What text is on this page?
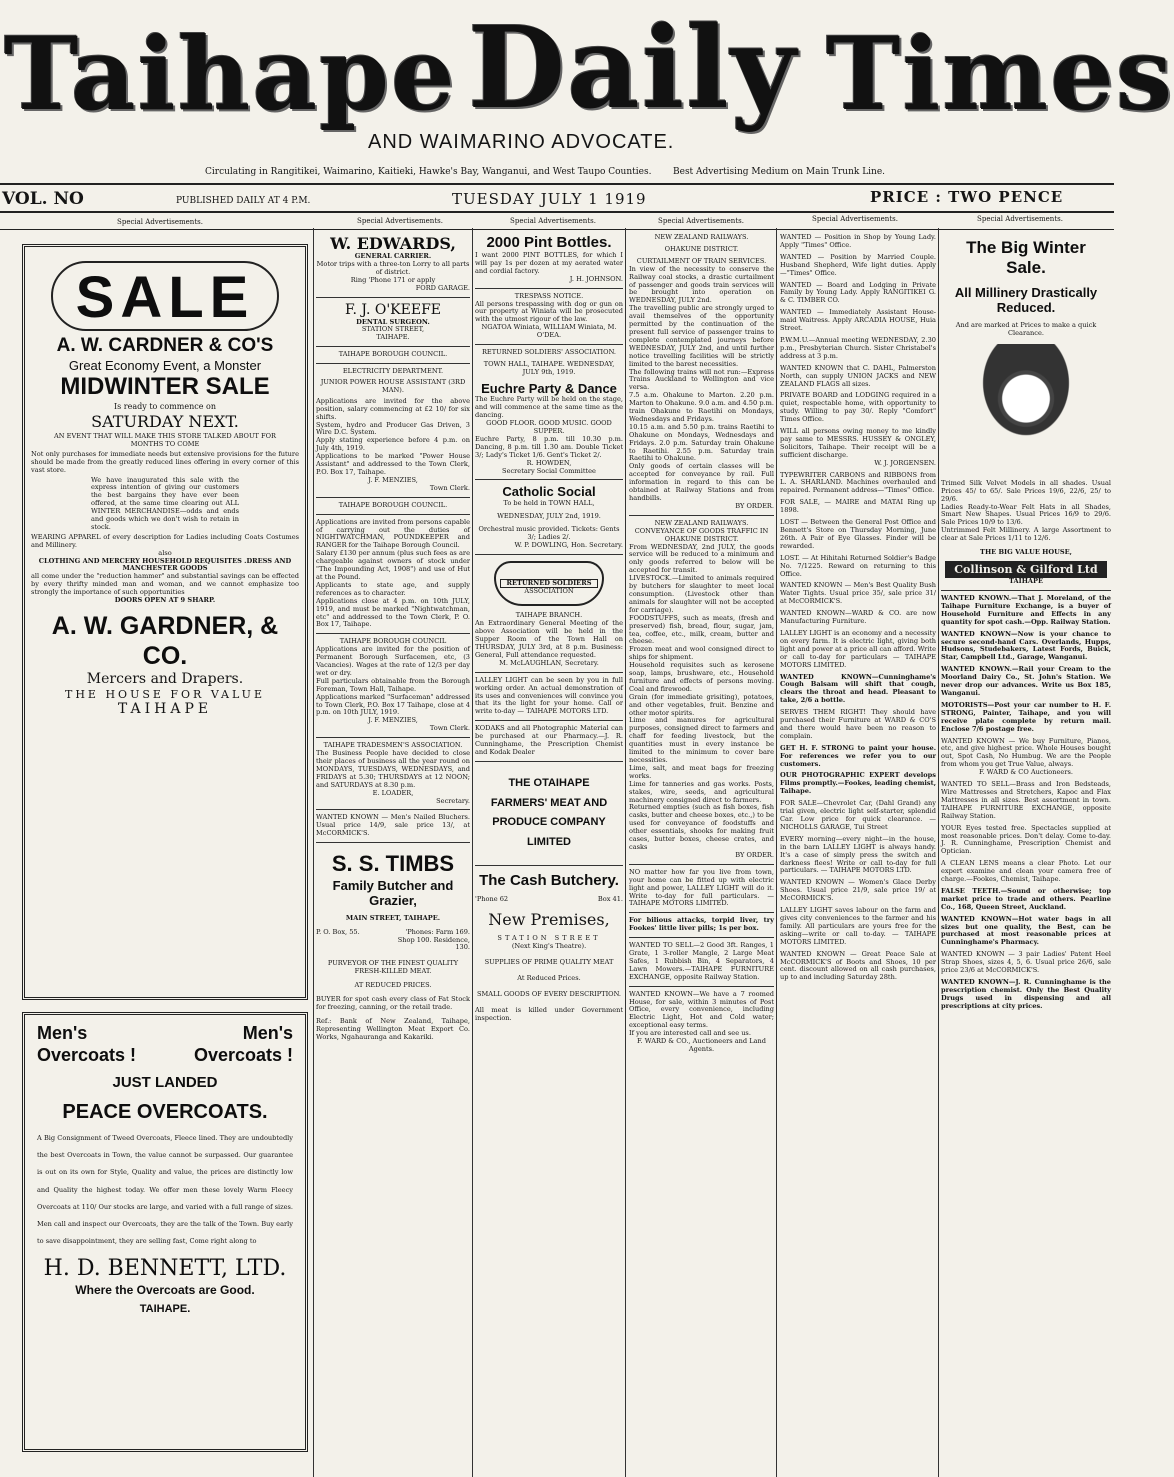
Taihape Daily Times
AND WAIMARINO ADVOCATE.
Circulating in Rangitikei, Waimarino, Kaitieki, Hawke's Bay, Wanganui, and West Taupo Counties. Best Advertising Medium on Main Trunk Line.
VOL. NO	PUBLISHED DAILY AT 4 P.M.	TUESDAY JULY 1 1919	PRICE : TWO PENCE
Special Advertisements.	Special Advertisements.	Special Advertisements.	Special Advertisements.	Special Advertisements.	Special Advertisements.
SALE
A. W. CARDNER & CO'S
Great Economy Event, a Monster
MIDWINTER SALE
Is ready to commence on
SATURDAY NEXT.
AN EVENT THAT WILL MAKE THIS STORE TALKED ABOUT FOR MONTHS TO COME
Not only purchases for immediate needs but extensive provisions for the future should be made from the greatly reduced lines offering in every corner of this vast store.
We have inaugurated this sale with the express intention of giving our customers the best bargains they have ever been offered, at the same time clearing out ALL WINTER MERCHANDISE—odds and ends and goods which we don't wish to retain in stock.
WEARING APPAREL of every description for Ladies including Coats Costumes and Millinery.
also
CLOTHING AND MERCERY HOUSEHOLD REQUISITES .DRESS AND MANCHESTER GOODS
all come under the "reduction hammer" and substantial savings can be effected by every thrifty minded man and woman, and we cannot emphasize too strongly the importance of such opportunities
DOORS OPEN AT 9 SHARP.
A. W. GARDNER, & CO.
Mercers and Drapers.
THE HOUSE FOR VALUE
TAIHAPE
Men's	Men's
Overcoats !	Overcoats !
JUST LANDED
PEACE OVERCOATS.
A Big Consignment of Tweed Overcoats, Fleece lined. They are undoubtedly the best Overcoats in Town, the value cannot be surpassed. Our guarantee is out on its own for Style, Quality and value, the prices are distinctly low and Quality the highest today. We offer men these lovely Warm Fleecy Overcoats at 110/ Our stocks are large, and varied with a full range of sizes. Men call and inspect our Overcoats, they are the talk of the Town. Buy early to save disappointment, they are selling fast, Come right along to
H. D. BENNETT, LTD.
Where the Overcoats are Good.
TAIHAPE.
W. EDWARDS,
GENERAL CARRIER.
Motor trips with a three-ton Lorry to all parts of district.
Ring 'Phone 171 or apply
FORD GARAGE.
F. J. O'KEEFE
DENTAL SURGEON.
STATION STREET,
TAIHAPE.
TAIHAPE BOROUGH COUNCIL.
ELECTRICITY DEPARTMENT.
JUNIOR POWER HOUSE ASSISTANT (3RD MAN).
Applications are invited for the above position, salary commencing at £2 10/ for six shifts.
System, hydro and Producer Gas Driven, 3 Wire D.C. System.
Apply stating experience before 4 p.m. on July 4th, 1919.
Applications to be marked "Power House Assistant" and addressed to the Town Clerk, P.O. Box 17, Taihape.
J. F. MENZIES,
Town Clerk.
TAIHAPE BOROUGH COUNCIL.
Applications are invited from persons capable of carrying out the duties of NIGHTWATCHMAN, POUNDKEEPER and RANGER for the Taihape Borough Council.
Salary £130 per annum (plus such fees as are chargeable against owners of stock under "The Impounding Act, 1908") and use of Hut at the Pound.
Applicants to state age, and supply references as to character.
Applications close at 4 p.m. on 10th JULY, 1919, and must be marked "Nightwatchman, etc" and addressed to the Town Clerk, P. O. Box 17, Taihape.
TAIHAPE BOROUGH COUNCIL
Applications are invited for the position of Permanent Borough Surfacemen, etc, (3 Vacancies). Wages at the rate of 12/3 per day wet or dry.
Full particulars obtainable from the Borough Foreman, Town Hall, Taihape.
Applications marked "Surfaceman" addressed to Town Clerk, P.O. Box 17 Taihape, close at 4 p.m. on 10th JULY, 1919.
J. F. MENZIES,
Town Clerk.
TAIHAPE TRADESMEN'S ASSOCIATION.
The Business People have decided to close their places of business all the year round on MONDAYS, TUESDAYS, WEDNESDAYS, and FRIDAYS at 5.30; THURSDAYS at 12 NOON; and SATURDAYS at 8.30 p.m.
E. LOADER,
Secretary.
WANTED KNOWN — Men's Nailed Bluchers. Usual price 14/9, sale price 13/, at McCORMICK'S.
S. S. TIMBS
Family Butcher and Grazier,
MAIN STREET, TAIHAPE.
P. O. Box, 55.	'Phones: Farm 169. Shop 100. Residence, 130.
PURVEYOR OF THE FINEST QUALITY FRESH-KILLED MEAT.
AT REDUCED PRICES.
BUYER for spot cash every class of Fat Stock for freezing, canning, or the retail trade.
Ref.: Bank of New Zealand, Taihape, Representing Wellington Meat Export Co. Works, Ngahauranga and Kakariki.
2000 Pint Bottles.
I want 2000 PINT BOTTLES, for which I will pay 1s per dozen at my aerated water and cordial factory.
J. H. JOHNSON.
TRESPASS NOTICE.
All persons trespassing with dog or gun on our property at Winiata will be prosecuted with the utmost rigour of the law.
NGATOA Winiata, WILLIAM Winiata, M. O'DEA.
RETURNED SOLDIERS' ASSOCIATION.
TOWN HALL, TAIHAPE. WEDNESDAY, JULY 9th, 1919.
Euchre Party & Dance
The Euchre Party will be held on the stage, and will commence at the same time as the dancing.
GOOD FLOOR. GOOD MUSIC. GOOD SUPPER.
Euchre Party, 8 p.m. till 10.30 p.m. Dancing, 8 p.m. till 1.30 am. Double Ticket 3/; Lady's Ticket 1/6. Gent's Ticket 2/.
R. HOWDEN,
Secretary Social Committee
Catholic Social
To be held in TOWN HALL,
WEDNESDAY, JULY 2nd, 1919.
Orchestral music provided. Tickets: Gents 3/; Ladies 2/.
W. P. DOWLING, Hon. Secretary.
RETURNED SOLDIERS
ASSOCIATION
TAIHAPE BRANCH.
An Extraordinary General Meeting of the above Association will be held in the Supper Room of the Town Hall on THURSDAY, JULY 3rd, at 8 p.m. Business: General, Full attendance requested.
M. McLAUGHLAN, Secretary.
LALLEY LIGHT can be seen by you in full working order. An actual demonstration of its uses and conveniences will convince you that its the light for your home. Call or write to-day — TAIHAPE MOTORS LTD.
KODAKS and all Photographic Material can be purchased at our Pharmacy.—J. R. Cunninghame, the Prescription Chemist and Kodak Dealer
THE OTAIHAPE FARMERS' MEAT AND PRODUCE COMPANY LIMITED
The Cash Butchery.
'Phone 62	Box 41.
New Premises,
STATION STREET
(Next King's Theatre).
SUPPLIES OF PRIME QUALITY MEAT
At Reduced Prices.
SMALL GOODS OF EVERY DESCRIPTION.
All meat is killed under Government inspection.
NEW ZEALAND RAILWAYS.
OHAKUNE DISTRICT.
CURTAILMENT OF TRAIN SERVICES.
In view of the necessity to conserve the Railway coal stocks, a drastic curtailment of passenger and goods train services will be brought into operation on WEDNESDAY, JULY 2nd.
The travelling public are strongly urged to avail themselves of the opportunity permitted by the continuation of the present full service of passenger trains to complete contemplated journeys before WEDNESDAY, JULY 2nd, and until further notice travelling facilities will be strictly limited to the barest necessities.
The following trains will not run:—Express Trains Auckland to Wellington and vice versa.
7.5 a.m. Ohakune to Marton. 2.20 p.m. Marton to Ohakune. 9.0 a.m. and 4.50 p.m. train Ohakune to Raetihi on Mondays, Wednesdays and Fridays.
10.15 a.m. and 5.50 p.m. trains Raetihi to Ohakune on Mondays, Wednesdays and Fridays. 2.0 p.m. Saturday train Ohakune to Raetihi. 2.55 p.m. Saturday train Raetihi to Ohakune.
Only goods of certain classes will be accepted for conveyance by rail. Full information in regard to this can be obtained at Railway Stations and from handbills.
BY ORDER.
NEW ZEALAND RAILWAYS.
CONVEYANCE OF GOODS TRAFFIC IN OHAKUNE DISTRICT.
From WEDNESDAY, 2nd JULY, the goods service will be reduced to a minimum and only goods referred to below will be accepted for transit.
LIVESTOCK.—Limited to animals required by butchers for slaughter to meet local consumption. (Livestock other than animals for slaughter will not be accepted for carriage).
FOODSTUFFS, such as meats, (fresh and preserved) fish, bread, flour, sugar, jam, tea, coffee, etc., milk, cream, butter and cheese.
Frozen meat and wool consigned direct to ships for shipment.
Household requisites such as kerosene soap, lamps, brushware, etc., Household furniture and effects of persons moving. Coal and firewood.
Grain (for immediate grisiting), potatoes, and other vegetables, fruit. Benzine and other motor spirits.
Lime and manures for agricultural purposes, consigned direct to farmers and chaff for feeding livestock, but the quantities must in every instance be limited to the minimum to cover bare necessities.
Lime, salt, and meat bags for freezing works.
Lime for tanneries and gas works. Posts, stakes, wire, seeds, and agricultural machinery consigned direct to farmers.
Returned empties (such as fish boxes, fish casks, butter and cheese boxes, etc.,) to be used for conveyance of foodstuffs and other essentials, shooks for making fruit cases, butter boxes, cheese crates, and casks
BY ORDER.
NO matter how far you live from town, your home can be fitted up with electric light and power, LALLEY LIGHT will do it. Write to-day for full particulars. — TAIHAPE MOTORS LIMITED.
For bilious attacks, torpid liver, try Fookes' little liver pills; 1s per box.
WANTED TO SELL—2 Good 3ft. Ranges, 1 Grate, 1 3-roller Mangle, 2 Large Meat Safes, 1 Rubbish Bin, 4 Separators, 4 Lawn Mowers.—TAIHAPE FURNITURE EXCHANGE, opposite Railway Station.
WANTED KNOWN—We have a 7 roomed House, for sale, within 3 minutes of Post Office, every convenience, including Electric Light, Hot and Cold water; exceptional easy terms.
If you are interested call and see us.
F. WARD & CO., Auctioneers and Land Agents.
WANTED — Position in Shop by Young Lady. Apply "Times" Office.
WANTED — Position by Married Couple. Husband Shepherd, Wife light duties. Apply—"Times" Office.
WANTED — Board and Lodging in Private Family by Young Lady. Apply RANGITIKEI G. & C. TIMBER CO.
WANTED — Immediately Assistant House-maid Waitress. Apply ARCADIA HOUSE, Huia Street.
P.W.M.U.—Annual meeting WEDNESDAY, 2.30 p.m., Presbyterian Church. Sister Christabel's address at 3 p.m.
WANTED KNOWN that C. DAHL, Palmerston North, can supply UNION JACKS and NEW ZEALAND FLAGS all sizes.
PRIVATE BOARD and LODGING required in a quiet, respectable home, with opportunity to study. Willing to pay 30/. Reply "Comfort" Times Office.
WILL all persons owing money to me kindly pay same to MESSRS. HUSSEY & ONGLEY, Solicitors, Taihape. Their receipt will be a sufficient discharge.
W. J. JORGENSEN.
TYPEWRITER CARBONS and RIBBONS from L. A. SHARLAND. Machines overhauled and repaired. Permanent address—"Times" Office.
FOR SALE, — MAIRE and MATAI Ring up 1898.
LOST — Between the General Post Office and Bennett's Store on Thursday Morning, June 26th. A Pair of Eye Glasses. Finder will be rewarded.
LOST. — At Hihitahi Returned Soldier's Badge No. 7/1225. Reward on returning to this Office.
WANTED KNOWN — Men's Best Quality Bush Water Tights. Usual price 35/, sale price 31/ at McCORMICK'S.
WANTED KNOWN—WARD & CO. are now Manufacturing Furniture.
LALLEY LIGHT is an economy and a necessity on every farm. It is electric light, giving both light and power at a price all can afford. Write or call to-day for particulars — TAIHAPE MOTORS LIMITED.
WANTED KNOWN—Cunninghame's Cough Balsam will shift that cough, clears the throat and head. Pleasant to take, 2/6 a bottle.
SERVES THEM RIGHT! They should have purchased their Furniture at WARD & CO'S and there would have been no reason to complain.
GET H. F. STRONG to paint your house. For references we refer you to our customers.
OUR PHOTOGRAPHIC EXPERT develops Films promptly.—Fookes, leading chemist, Taihape.
FOR SALE—Chevrolet Car, (Dahl Grand) any trial given, electric light self-starter, splendid Car. Low price for quick clearance. — NICHOLLS GARAGE, Tui Street
EVERY morning—every night—in the house, in the barn LALLEY LIGHT is always handy. It's a case of simply press the switch and darkness flees! Write or call to-day for full particulars. — TAIHAPE MOTORS LTD.
WANTED KNOWN — Women's Glace Derby Shoes. Usual price 21/9, sale price 19/ at McCORMICK'S.
LALLEY LIGHT saves labour on the farm and gives city conveniences to the farmer and his family. All particulars are yours free for the asking—write or call to-day. — TAIHAPE MOTORS LIMITED.
WANTED KNOWN — Great Peace Sale at McCORMICK'S of Boots and Shoes, 10 per cent. discount allowed on all cash purchases, up to and including Saturday 28th.
The Big Winter Sale.
All Millinery Drastically Reduced.
And are marked at Prices to make a quick Clearance.
Trimed Silk Velvet Models in all shades. Usual Prices 45/ to 65/. Sale Prices 19/6, 22/6, 25/ to 29/6.
Ladies Ready-to-Wear Felt Hats in all Shades, Smart New Shapes. Usual Prices 16/9 to 29/6. Sale Prices 10/9 to 13/6.
Untrimmed Felt Millinery. A large Assortment to clear at Sale Prices 1/11 to 12/6.
THE BIG VALUE HOUSE,
Collinson & Gilford Ltd
TAIHAPE
WANTED KNOWN.—That J. Moreland, of the Taihape Furniture Exchange, is a buyer of Household Furniture and Effects in any quantity for spot cash.—Opp. Railway Station.
WANTED KNOWN—Now is your chance to secure second-hand Cars. Overlands, Hupps, Hudsons, Studebakers, Latest Fords, Buick, Star, Campbell Ltd., Garage, Wanganui.
WANTED KNOWN.—Rail your Cream to the Moorland Dairy Co., St. John's Station. We never drop our advances. Write us Box 185, Wanganui.
MOTORISTS—Post your car number to H. F. STRONG, Painter, Taihape, and you will receive plate complete by return mail. Enclose 7/6 postage free.
WANTED KNOWN — We buy Furniture, Pianos, etc, and give highest price. Whole Houses bought out, Spot Cash, No Humbug. We are the People from whom you get True Value, always.
F. WARD & CO Auctioneers.
WANTED TO SELL—Brass and Iron Bedsteads, Wire Mattresses and Stretchers, Kapoc and Flax Mattresses in all sizes. Best assortment in town. TAIHAPE FURNITURE EXCHANGE, opposite Railway Station.
YOUR Eyes tested free. Spectacles supplied at most reasonable prices. Don't delay. Come to-day. J. R. Cunninghame, Prescription Chemist and Optician.
A CLEAN LENS means a clear Photo. Let our expert examine and clean your camera free of charge.—Fookes, Chemist, Taihape.
FALSE TEETH.—Sound or otherwise; top market price to trade and others. Pearline Co., 168, Queen Street, Auckland.
WANTED KNOWN—Hot water bags in all sizes but one quality, the Best, can be purchased at most reasonable prices at Cunninghame's Pharmacy.
WANTED KNOWN — 3 pair Ladies' Patent Heel Strap Shoes, sizes 4, 5, 6. Usual price 26/6, sale price 23/6 at McCORMICK'S.
WANTED KNOWN—J. R. Cunninghame is the prescription chemist. Only the Best Quality Drugs used in dispensing and all prescriptions at city prices.
